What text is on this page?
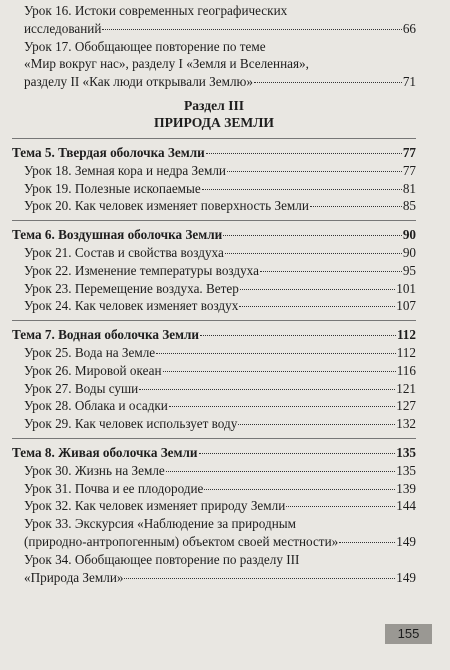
Урок 16. Истоки современных географических
исследований	66
Урок 17. Обобщающее повторение по теме
«Мир вокруг нас», разделу I «Земля и Вселенная»,
разделу II «Как люди открывали Землю»	71
Раздел III
ПРИРОДА ЗЕМЛИ
Тема 5. Твердая оболочка Земли	77
Урок 18. Земная кора и недра Земли	77
Урок 19. Полезные ископаемые	81
Урок 20. Как человек изменяет поверхность Земли	85
Тема 6. Воздушная оболочка Земли	90
Урок 21. Состав и свойства воздуха	90
Урок 22. Изменение температуры воздуха	95
Урок 23. Перемещение воздуха. Ветер	101
Урок 24. Как человек изменяет воздух	107
Тема 7. Водная оболочка Земли	112
Урок 25. Вода на Земле	112
Урок 26. Мировой океан	116
Урок 27. Воды суши	121
Урок 28. Облака и осадки	127
Урок 29. Как человек использует воду	132
Тема 8. Живая оболочка Земли	135
Урок 30. Жизнь на Земле	135
Урок 31. Почва и ее плодородие	139
Урок 32. Как человек изменяет природу Земли	144
Урок 33. Экскурсия «Наблюдение за природным
(природно-антропогенным) объектом своей местности»	149
Урок 34. Обобщающее повторение по разделу III
«Природа Земли»	149
155
